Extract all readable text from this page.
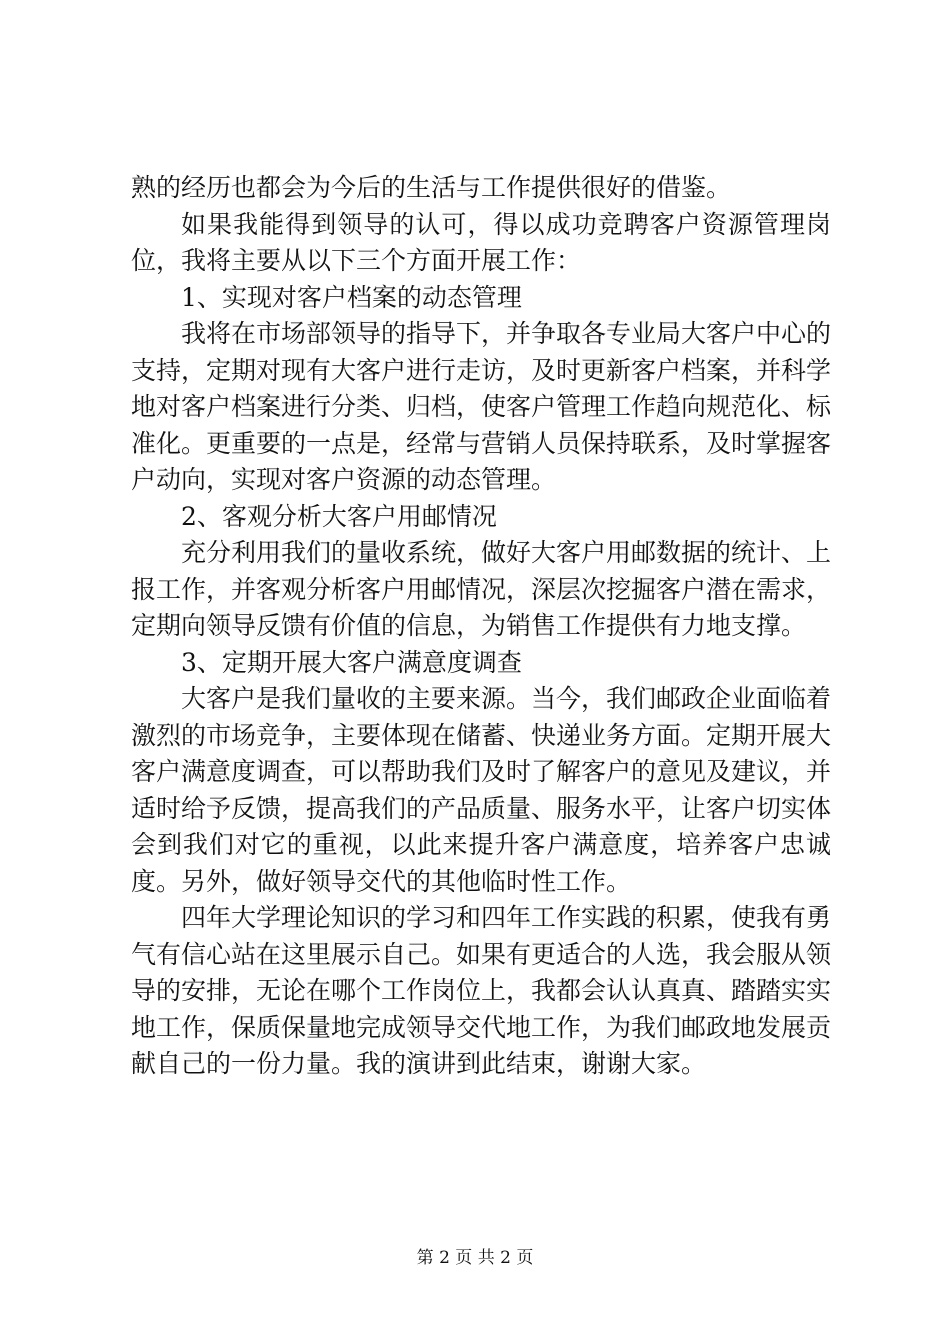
熟的经历也都会为今后的生活与工作提供很好的借鉴。

如果我能得到领导的认可，得以成功竞聘客户资源管理岗位，我将主要从以下三个方面开展工作：

1、实现对客户档案的动态管理

我将在市场部领导的指导下，并争取各专业局大客户中心的支持，定期对现有大客户进行走访，及时更新客户档案，并科学地对客户档案进行分类、归档，使客户管理工作趋向规范化、标准化。更重要的一点是，经常与营销人员保持联系，及时掌握客户动向，实现对客户资源的动态管理。

2、客观分析大客户用邮情况

充分利用我们的量收系统，做好大客户用邮数据的统计、上报工作，并客观分析客户用邮情况，深层次挖掘客户潜在需求，定期向领导反馈有价值的信息，为销售工作提供有力地支撑。

3、定期开展大客户满意度调查

大客户是我们量收的主要来源。当今，我们邮政企业面临着激烈的市场竞争，主要体现在储蓄、快递业务方面。定期开展大客户满意度调查，可以帮助我们及时了解客户的意见及建议，并适时给予反馈，提高我们的产品质量、服务水平，让客户切实体会到我们对它的重视，以此来提升客户满意度，培养客户忠诚度。另外，做好领导交代的其他临时性工作。

四年大学理论知识的学习和四年工作实践的积累，使我有勇气有信心站在这里展示自己。如果有更适合的人选，我会服从领导的安排，无论在哪个工作岗位上，我都会认认真真、踏踏实实地工作，保质保量地完成领导交代地工作，为我们邮政地发展贡献自己的一份力量。我的演讲到此结束，谢谢大家。

第 2 页 共 2 页
